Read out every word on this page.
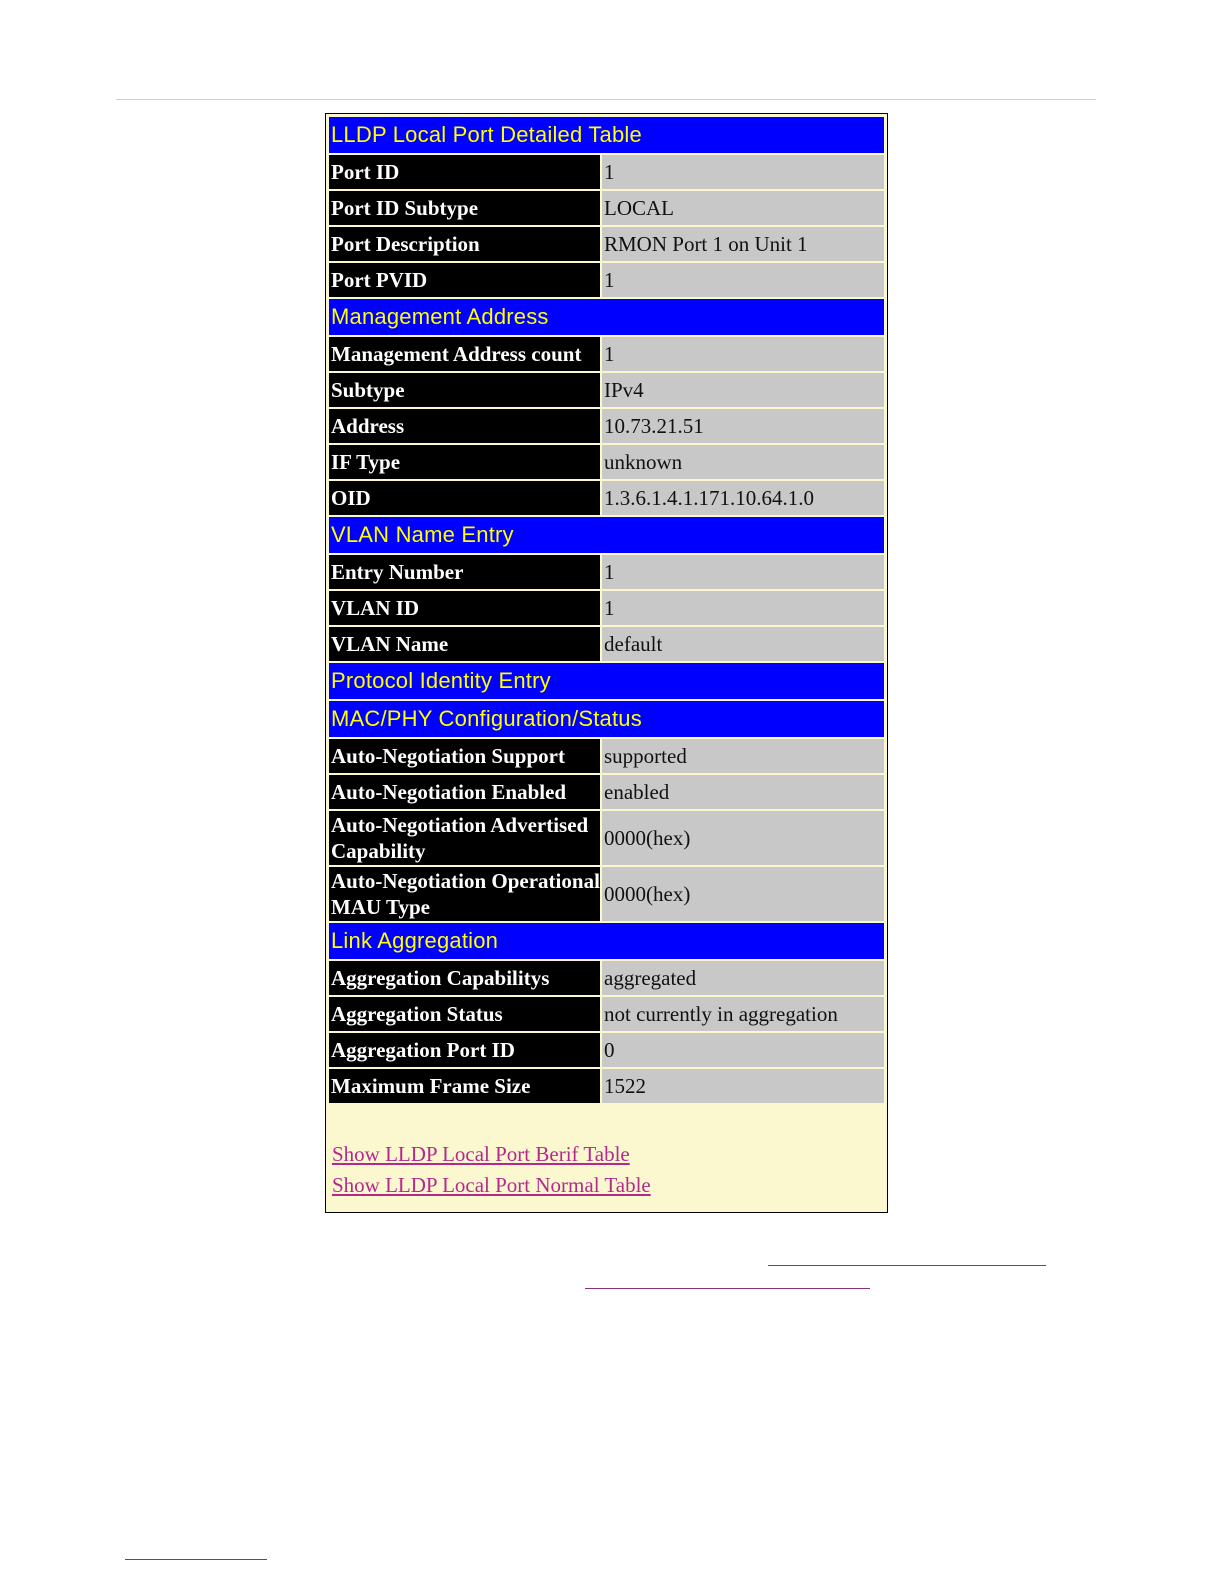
LLDP Local Port Detailed Table	
Port ID	1
Port ID Subtype	LOCAL
Port Description	RMON Port 1 on Unit 1
Port PVID	1
Management Address	
Management Address count	1
Subtype	IPv4
Address	10.73.21.51
IF Type	unknown
OID	1.3.6.1.4.1.171.10.64.1.0
VLAN Name Entry	
Entry Number	1
VLAN ID	1
VLAN Name	default
Protocol Identity Entry	
MAC/PHY Configuration/Status	
Auto-Negotiation Support	supported
Auto-Negotiation Enabled	enabled
Auto-Negotiation Advertised Capability	0000(hex)
Auto-Negotiation Operational MAU Type	0000(hex)
Link Aggregation	
Aggregation Capabilitys	aggregated
Aggregation Status	not currently in aggregation
Aggregation Port ID	0
Maximum Frame Size	1522
Show LLDP Local Port Berif Table
Show LLDP Local Port Normal Table
